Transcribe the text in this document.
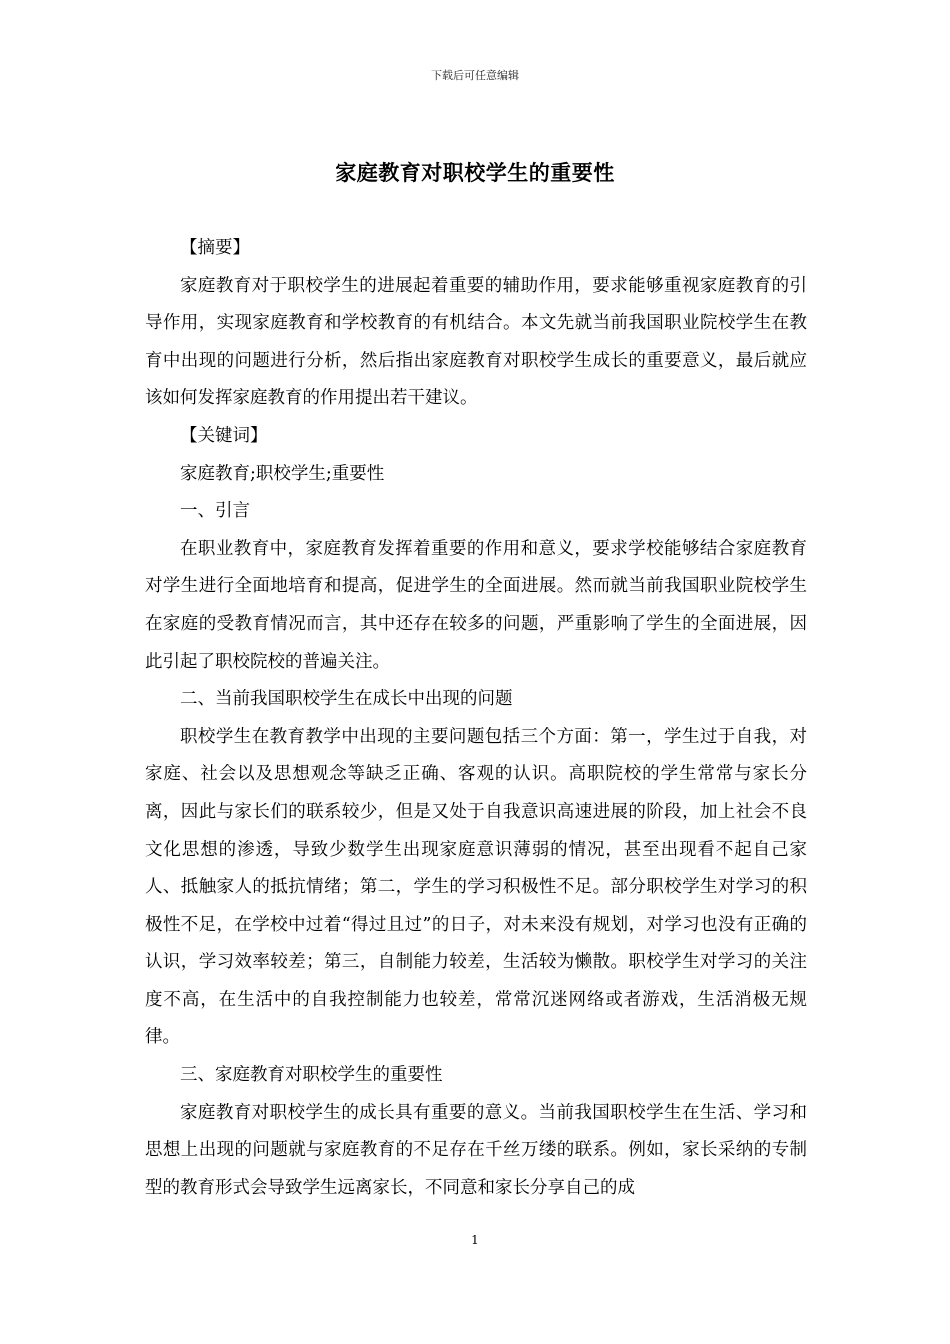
下载后可任意编辑
家庭教育对职校学生的重要性

【摘要】

家庭教育对于职校学生的进展起着重要的辅助作用，要求能够重视家庭教育的引导作用，实现家庭教育和学校教育的有机结合。本文先就当前我国职业院校学生在教育中出现的问题进行分析，然后指出家庭教育对职校学生成长的重要意义，最后就应该如何发挥家庭教育的作用提出若干建议。

【关键词】

家庭教育;职校学生;重要性

一、引言

在职业教育中，家庭教育发挥着重要的作用和意义，要求学校能够结合家庭教育对学生进行全面地培育和提高，促进学生的全面进展。然而就当前我国职业院校学生在家庭的受教育情况而言，其中还存在较多的问题，严重影响了学生的全面进展，因此引起了职校院校的普遍关注。

二、当前我国职校学生在成长中出现的问题

职校学生在教育教学中出现的主要问题包括三个方面：第一，学生过于自我，对家庭、社会以及思想观念等缺乏正确、客观的认识。高职院校的学生常常与家长分离，因此与家长们的联系较少，但是又处于自我意识高速进展的阶段，加上社会不良文化思想的渗透，导致少数学生出现家庭意识薄弱的情况，甚至出现看不起自己家人、抵触家人的抵抗情绪；第二，学生的学习积极性不足。部分职校学生对学习的积极性不足，在学校中过着“得过且过”的日子，对未来没有规划，对学习也没有正确的认识，学习效率较差；第三，自制能力较差，生活较为懒散。职校学生对学习的关注度不高，在生活中的自我控制能力也较差，常常沉迷网络或者游戏，生活消极无规律。

三、家庭教育对职校学生的重要性

家庭教育对职校学生的成长具有重要的意义。当前我国职校学生在生活、学习和思想上出现的问题就与家庭教育的不足存在千丝万缕的联系。例如，家长采纳的专制型的教育形式会导致学生远离家长，不同意和家长分享自己的成

1
